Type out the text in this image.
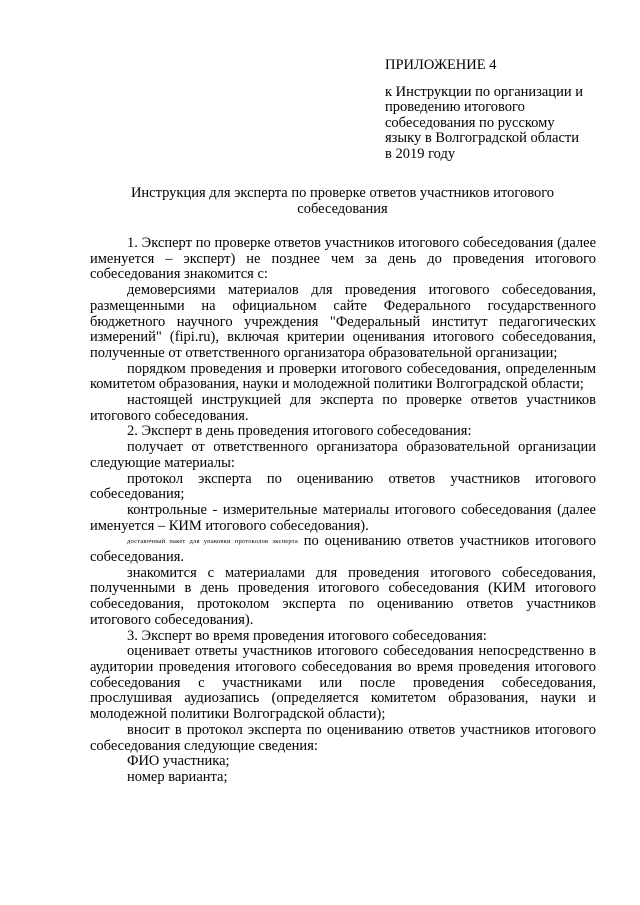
ПРИЛОЖЕНИЕ 4
к Инструкции по организации и
проведению итогового
собеседования по русскому
языку в Волгоградской области
в 2019 году
Инструкция для эксперта по проверке ответов участников итогового
собеседования

1. Эксперт по проверке ответов участников итогового собеседования (далее именуется – эксперт) не позднее чем за день до проведения итогового собеседования знакомится с:

демоверсиями материалов для проведения итогового собеседования, размещенными на официальном сайте Федерального государственного бюджетного научного учреждения "Федеральный институт педагогических измерений" (fipi.ru), включая критерии оценивания итогового собеседования, полученные от ответственного организатора образовательной организации;

порядком проведения и проверки итогового собеседования, определенным комитетом образования, науки и молодежной политики Волгоградской области;

настоящей инструкцией для эксперта по проверке ответов участников итогового собеседования.

2. Эксперт в день проведения итогового собеседования:

получает от ответственного организатора образовательной организации следующие материалы:

протокол эксперта по оцениванию ответов участников итогового собеседования;

контрольные - измерительные материалы итогового собеседования (далее именуется – КИМ итогового собеседования).

доставочный пакет для упаковки протоколов эксперта по оцениванию ответов участников итогового собеседования.

знакомится с материалами для проведения итогового собеседования, полученными в день проведения итогового собеседования (КИМ итогового собеседования, протоколом эксперта по оцениванию ответов участников итогового собеседования).

3. Эксперт во время проведения итогового собеседования:

оценивает ответы участников итогового собеседования непосредственно в аудитории проведения итогового собеседования во время проведения итогового собеседования с участниками или после проведения собеседования, прослушивая аудиозапись (определяется комитетом образования, науки и молодежной политики Волгоградской области);

вносит в протокол эксперта по оцениванию ответов участников итогового собеседования следующие сведения:

ФИО участника;

номер варианта;
